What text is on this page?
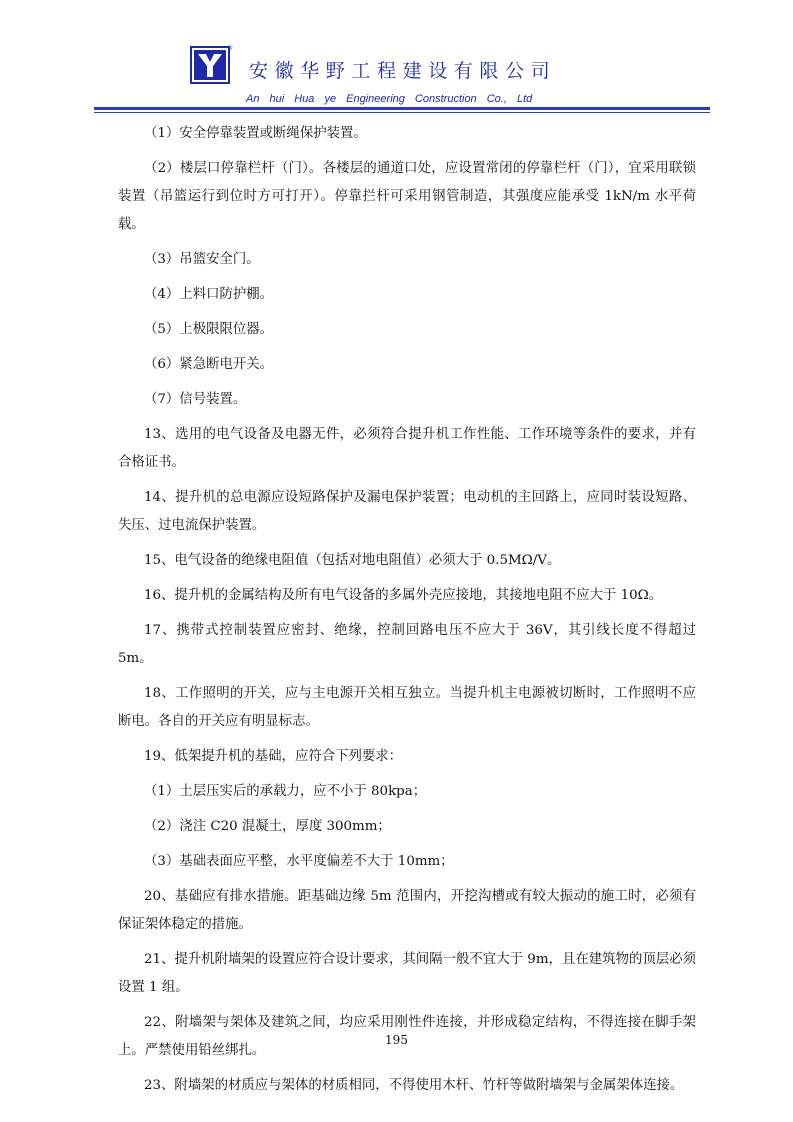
®
安徽华野工程建设有限公司
An hui Hua ye Engineering Construction Co., Ltd

（1）安全停靠装置或断绳保护装置。

（2）楼层口停靠栏杆（门）。各楼层的通道口处，应设置常闭的停靠栏杆（门），宜采用联锁装置（吊篮运行到位时方可打开）。停靠拦杆可采用钢管制造，其强度应能承受 1kN/m 水平荷载。

（3）吊篮安全门。

（4）上料口防护棚。

（5）上极限限位器。

（6）紧急断电开关。

（7）信号装置。

13、选用的电气设备及电器无件，必须符合提升机工作性能、工作环境等条件的要求，并有合格证书。

14、提升机的总电源应设短路保护及漏电保护装置；电动机的主回路上，应同时装设短路、失压、过电流保护装置。

15、电气设备的绝缘电阻值（包括对地电阻值）必须大于 0.5MΩ/V。

16、提升机的金属结构及所有电气设备的多属外壳应接地，其接地电阻不应大于 10Ω。

17、携带式控制装置应密封、绝缘，控制回路电压不应大于 36V，其引线长度不得超过 5m。

18、工作照明的开关，应与主电源开关相互独立。当提升机主电源被切断时，工作照明不应断电。各自的开关应有明显标志。

19、低架提升机的基础，应符合下列要求：

（1）土层压实后的承载力，应不小于 80kpa；

（2）浇注 C20 混凝土，厚度 300mm；

（3）基础表面应平整，水平度偏差不大于 10mm；

20、基础应有排水措施。距基础边缘 5m 范围内，开挖沟槽或有较大振动的施工时，必须有保证架体稳定的措施。

21、提升机附墙架的设置应符合设计要求，其间隔一般不宜大于 9m，且在建筑物的顶层必须设置 1 组。

22、附墙架与架体及建筑之间，均应采用刚性件连接，并形成稳定结构，不得连接在脚手架上。严禁使用铅丝绑扎。

23、附墙架的材质应与架体的材质相同，不得使用木杆、竹杆等做附墙架与金属架体连接。

195
